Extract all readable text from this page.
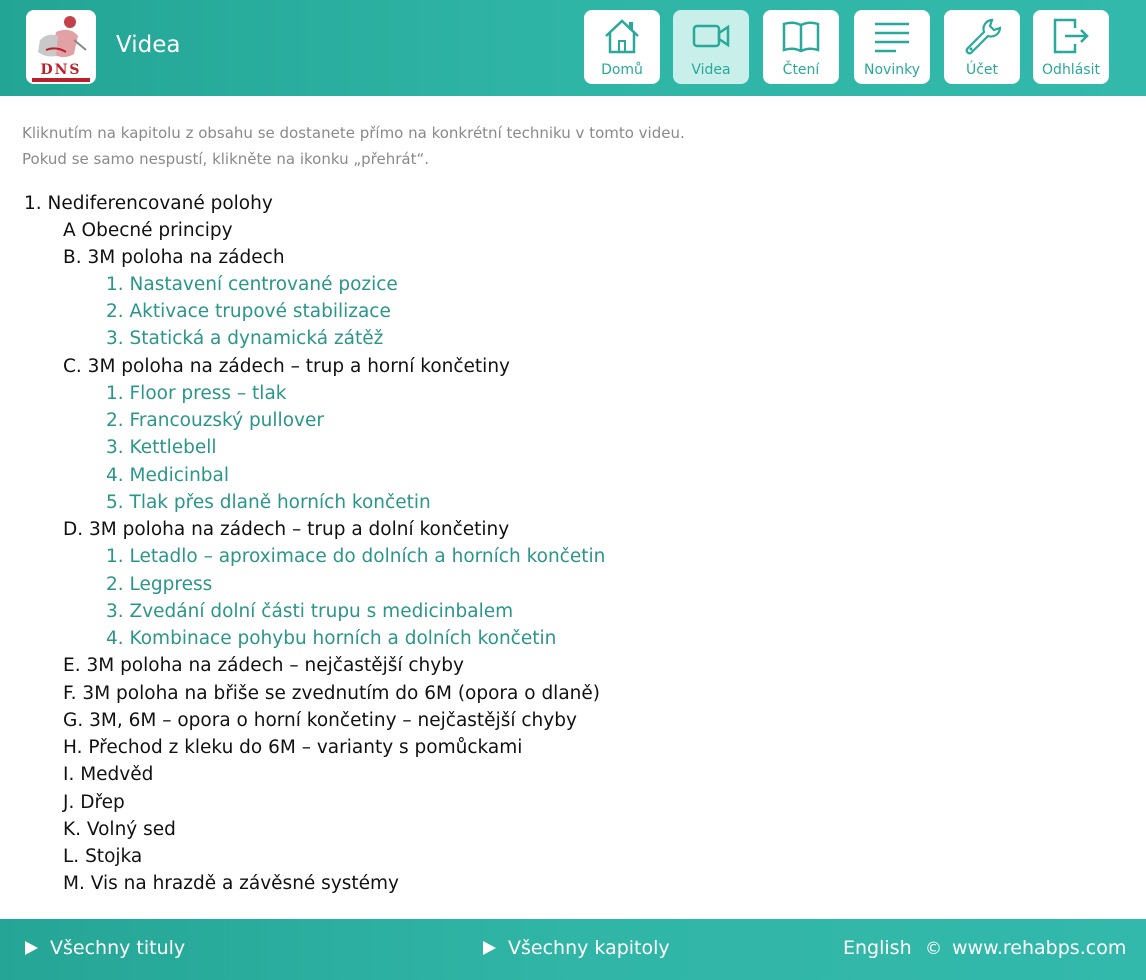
DNS
Videa
Domů	Videa	Čtení	Novinky	Účet	Odhlásit
Kliknutím na kapitolu z obsahu se dostanete přímo na konkrétní techniku v tomto videu.
Pokud se samo nespustí, klikněte na ikonku „přehrát“.
1. Nediferencované polohy
A Obecné principy
B. 3M poloha na zádech
1. Nastavení centrované pozice
2. Aktivace trupové stabilizace
3. Statická a dynamická zátěž
C. 3M poloha na zádech – trup a horní končetiny
1. Floor press – tlak
2. Francouzský pullover
3. Kettlebell
4. Medicinbal
5. Tlak přes dlaně horních končetin
D. 3M poloha na zádech – trup a dolní končetiny
1. Letadlo – aproximace do dolních a horních končetin
2. Legpress
3. Zvedání dolní části trupu s medicinbalem
4. Kombinace pohybu horních a dolních končetin
E. 3M poloha na zádech – nejčastější chyby
F. 3M poloha na břiše se zvednutím do 6M (opora o dlaně)
G. 3M, 6M – opora o horní končetiny – nejčastější chyby
H. Přechod z kleku do 6M – varianty s pomůckami
I. Medvěd
J. Dřep
K. Volný sed
L. Stojka
M. Vis na hrazdě a závěsné systémy
Všechny tituly	Všechny kapitoly	English © www.rehabps.com
